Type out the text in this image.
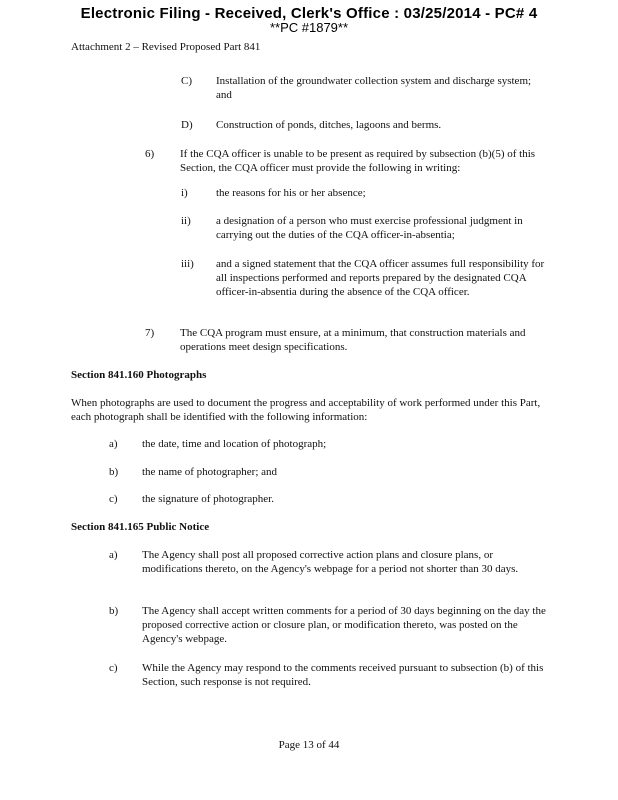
Electronic Filing - Received, Clerk's Office : 03/25/2014 - PC# 4
**PC #1879**
Attachment 2 – Revised Proposed Part 841
C) Installation of the groundwater collection system and discharge system; and
D) Construction of ponds, ditches, lagoons and berms.
6) If the CQA officer is unable to be present as required by subsection (b)(5) of this Section, the CQA officer must provide the following in writing:
i)	the reasons for his or her absence;
ii) a designation of a person who must exercise professional judgment in carrying out the duties of the CQA officer-in-absentia;
iii) and a signed statement that the CQA officer assumes full responsibility for all inspections performed and reports prepared by the designated CQA officer-in-absentia during the absence of the CQA officer.
7) The CQA program must ensure, at a minimum, that construction materials and operations meet design specifications.
Section 841.160 Photographs
When photographs are used to document the progress and acceptability of work performed under this Part, each photograph shall be identified with the following information:
a) the date, time and location of photograph;
b) the name of photographer; and
c) the signature of photographer.
Section 841.165 Public Notice
a) The Agency shall post all proposed corrective action plans and closure plans, or modifications thereto, on the Agency's webpage for a period not shorter than 30 days.
b) The Agency shall accept written comments for a period of 30 days beginning on the day the proposed corrective action or closure plan, or modification thereto, was posted on the Agency's webpage.
c) While the Agency may respond to the comments received pursuant to subsection (b) of this Section, such response is not required.
Page 13 of 44
